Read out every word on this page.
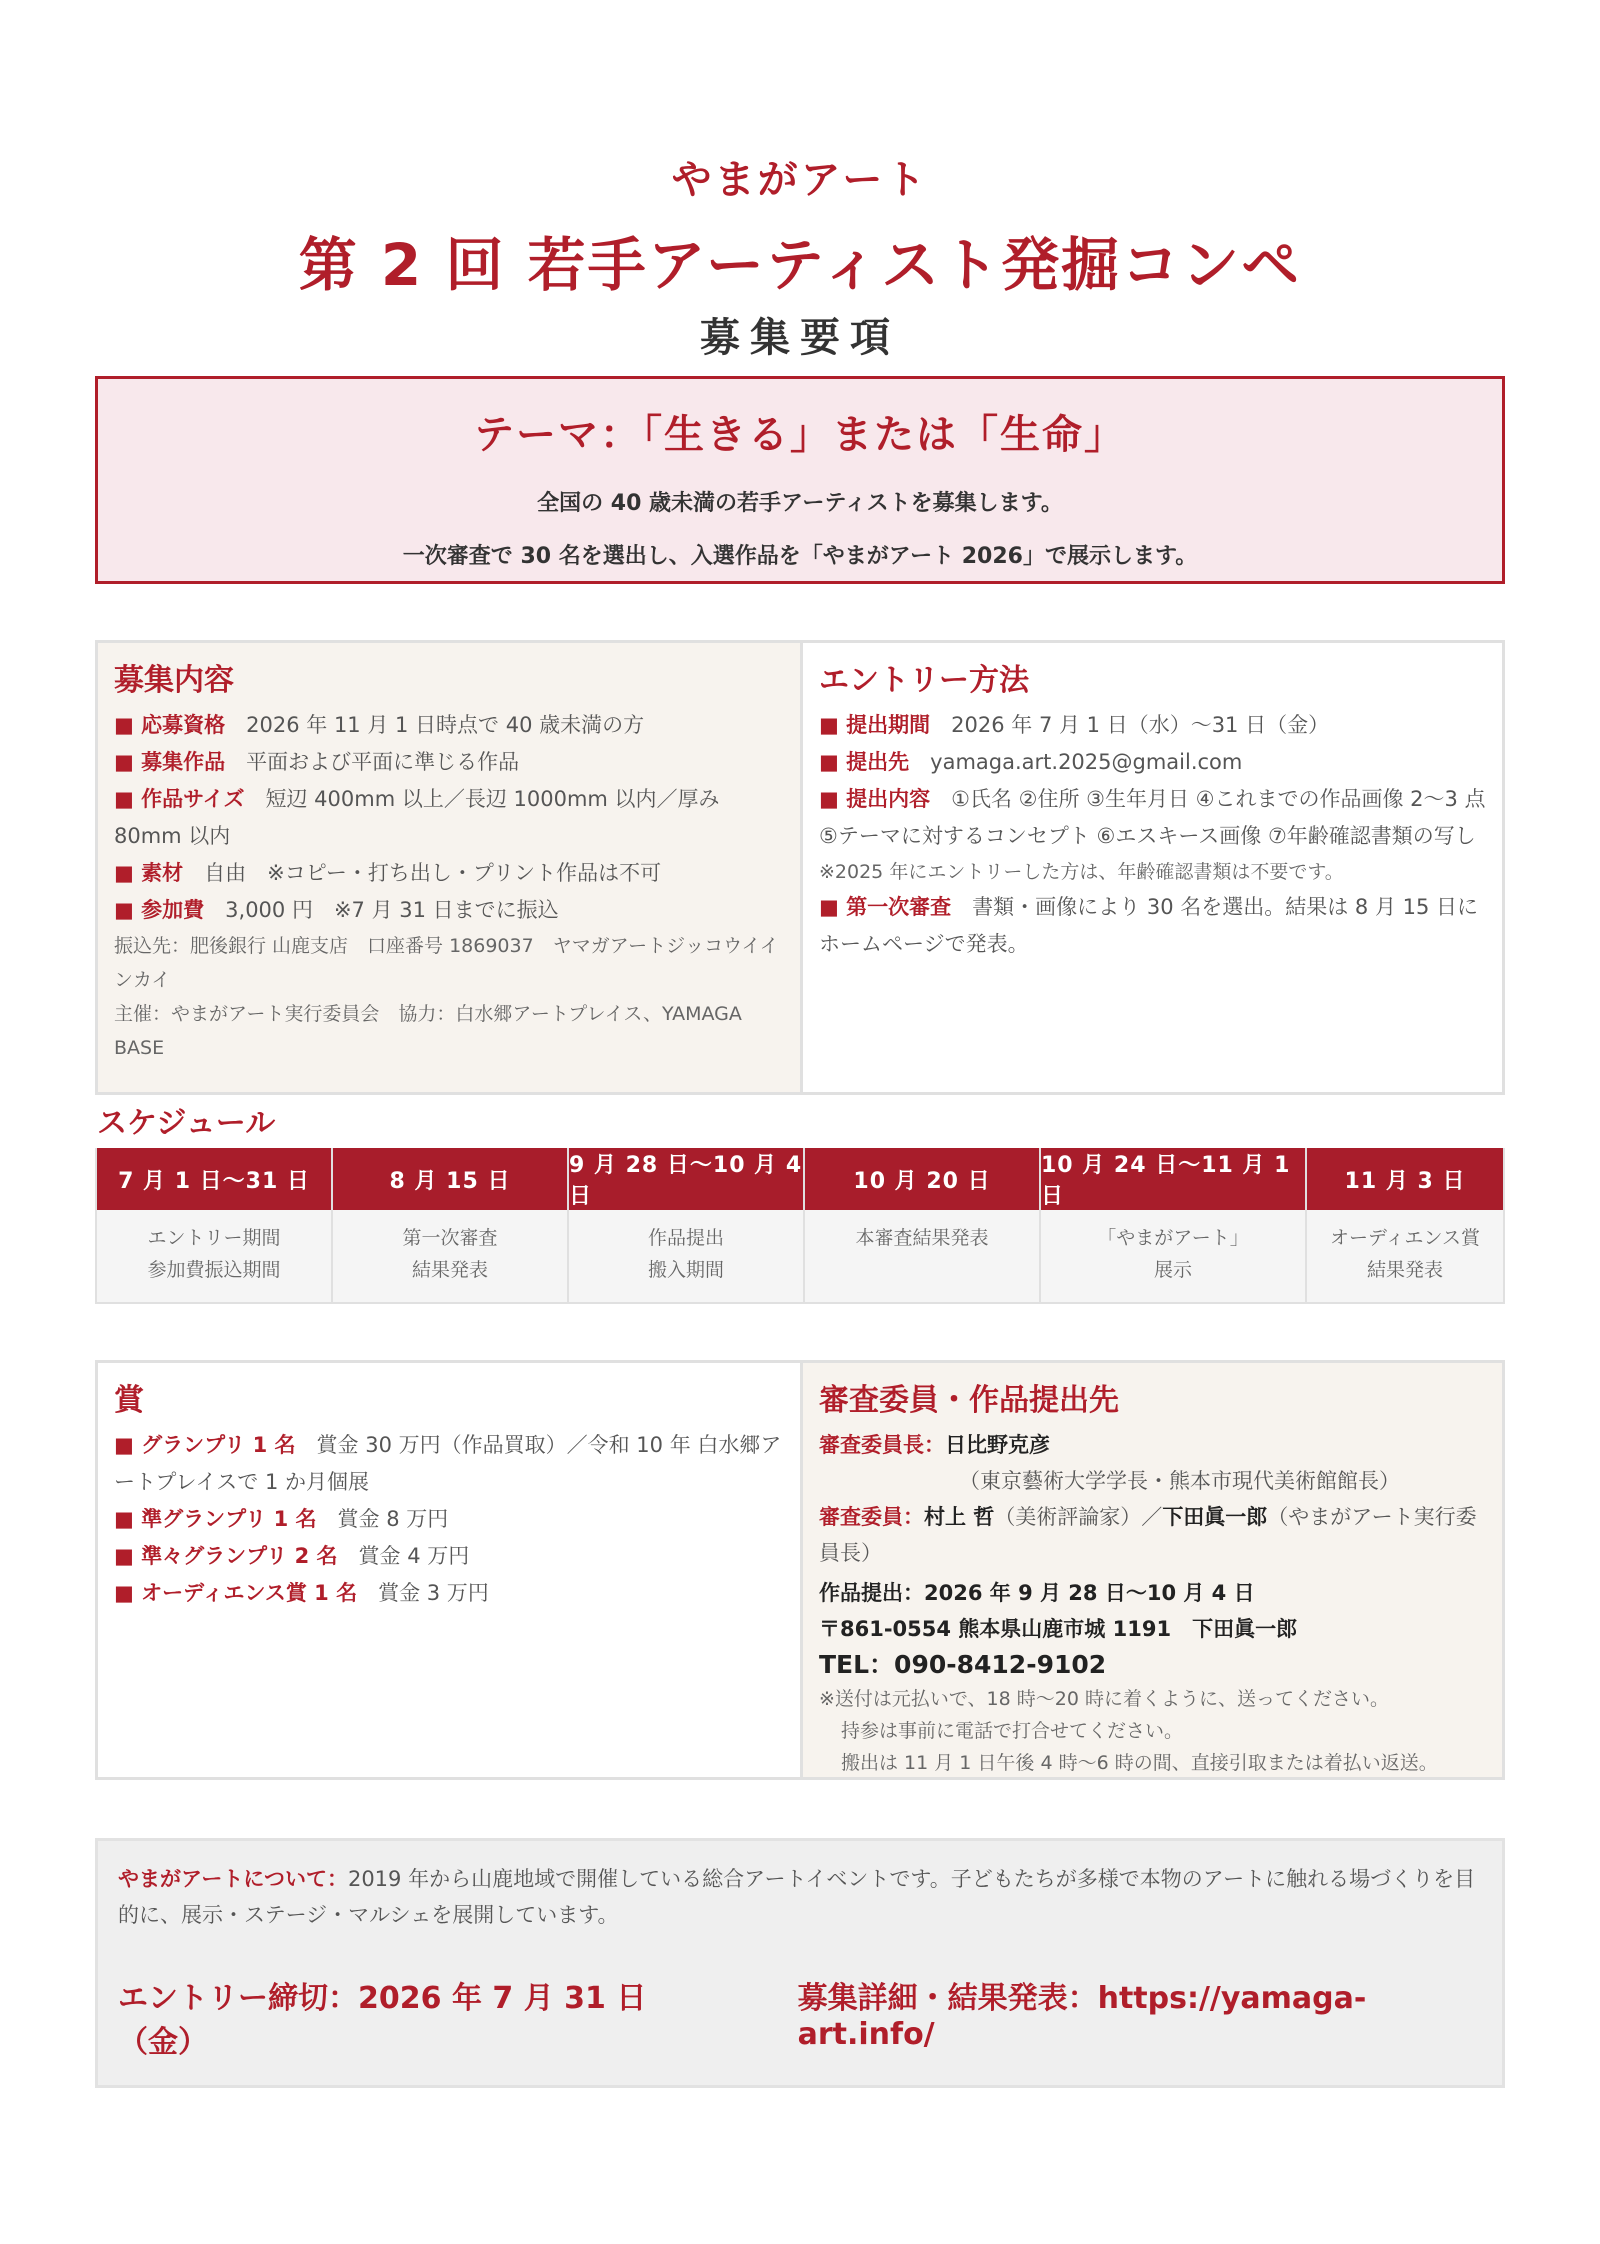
やまがアート
第 2 回 若手アーティスト発掘コンペ
募集要項
テーマ：「生きる」または「生命」
全国の 40 歳未満の若手アーティストを募集します。
一次審査で 30 名を選出し、入選作品を「やまがアート 2026」で展示します。
募集内容
■ 応募資格　 2026 年 11 月 1 日時点で 40 歳未満の方
■ 募集作品　 平面および平面に準じる作品
■ 作品サイズ　 短辺 400mm 以上／長辺 1000mm 以内／厚み 80mm 以内
■ 素材　 自由　※コピー・打ち出し・プリント作品は不可
■ 参加費　 3,000 円　※7 月 31 日までに振込
振込先：肥後銀行 山鹿支店　口座番号 1869037　ヤマガアートジッコウイインカイ
主催：やまがアート実行委員会　協力：白水郷アートプレイス、YAMAGA BASE
エントリー方法
■ 提出期間　 2026 年 7 月 1 日（水）〜31 日（金）
■ 提出先　 yamaga.art.2025@gmail.com
■ 提出内容　 ①氏名 ②住所 ③生年月日 ④これまでの作品画像 2〜3 点 ⑤テーマに対するコンセプト ⑥エスキース画像 ⑦年齢確認書類の写し
※2025 年にエントリーした方は、年齢確認書類は不要です。
■ 第一次審査　 書類・画像により 30 名を選出。結果は 8 月 15 日にホームページで発表。
スケジュール
7 月 1 日〜31 日
エントリー期間
参加費振込期間
8 月 15 日
第一次審査
結果発表
9 月 28 日〜10 月 4 日
作品提出
搬入期間
10 月 20 日
本審査結果発表
10 月 24 日〜11 月 1 日
「やまがアート」
展示
11 月 3 日
オーディエンス賞
結果発表
賞
■ グランプリ 1 名　 賞金 30 万円（作品買取）／令和 10 年 白水郷アートプレイスで 1 か月個展
■ 準グランプリ 1 名　 賞金 8 万円
■ 準々グランプリ 2 名　 賞金 4 万円
■ オーディエンス賞 1 名　 賞金 3 万円
審査委員・作品提出先
審査委員長：日比野克彦
（東京藝術大学学長・熊本市現代美術館館長）
審査委員：村上 哲（美術評論家）／下田眞一郎（やまがアート実行委員長）
作品提出：2026 年 9 月 28 日〜10 月 4 日
〒861-0554 熊本県山鹿市城 1191　下田眞一郎
TEL：090-8412-9102
※送付は元払いで、18 時〜20 時に着くように、送ってください。
持参は事前に電話で打合せてください。
搬出は 11 月 1 日午後 4 時〜6 時の間、直接引取または着払い返送。
やまがアートについて：2019 年から山鹿地域で開催している総合アートイベントです。子どもたちが多様で本物のアートに触れる場づくりを目的に、展示・ステージ・マルシェを展開しています。
エントリー締切：2026 年 7 月 31 日（金）
募集詳細・結果発表：https://yamaga-art.info/
